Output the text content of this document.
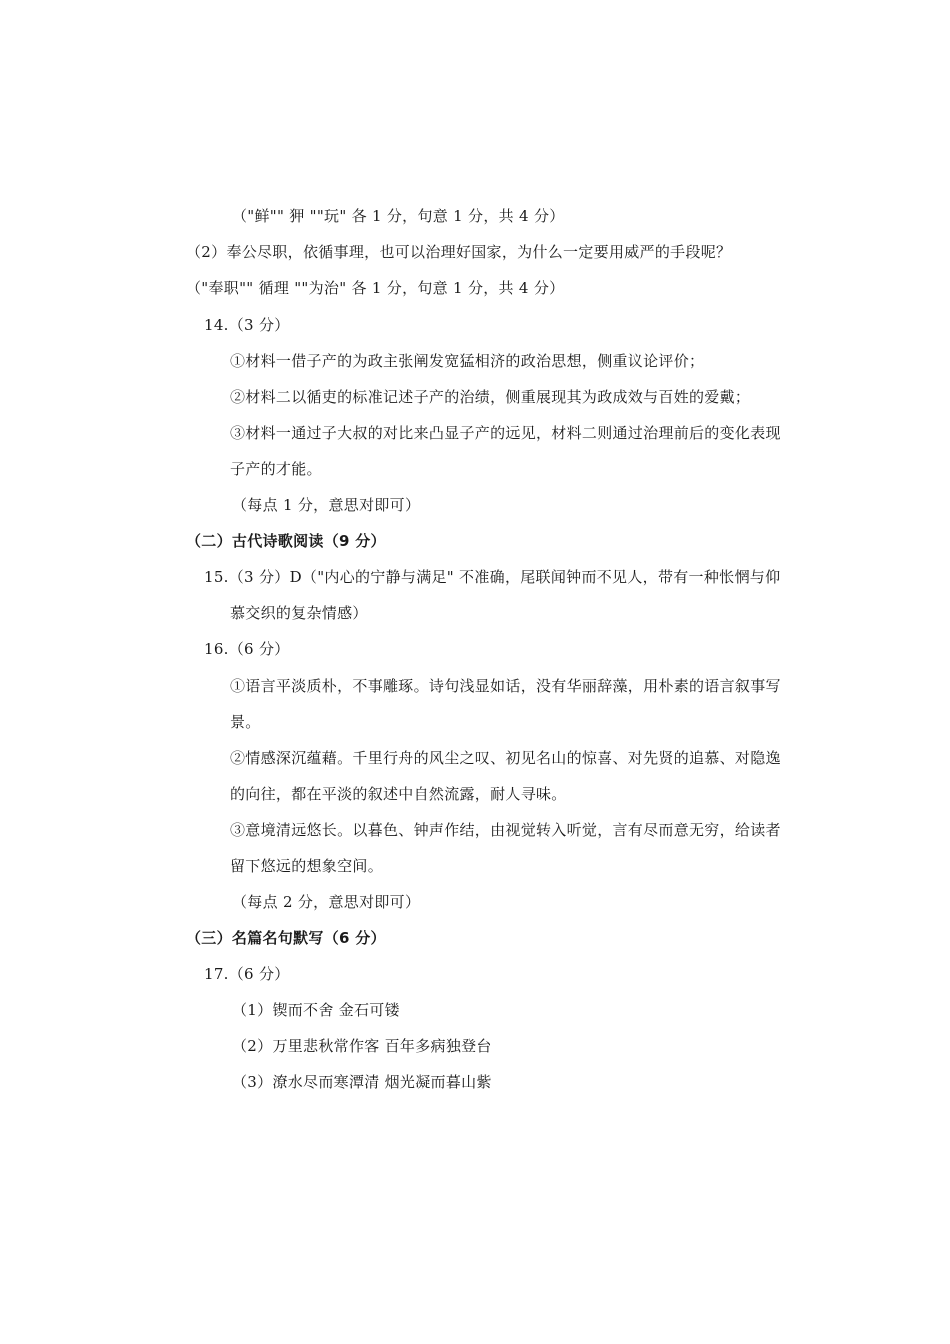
（"鲜"" 狎 ""玩" 各 1 分，句意 1 分，共 4 分）
（2）奉公尽职，依循事理，也可以治理好国家，为什么一定要用威严的手段呢？
（"奉职"" 循理 ""为治" 各 1 分，句意 1 分，共 4 分）
14.（3 分）
①材料一借子产的为政主张阐发宽猛相济的政治思想，侧重议论评价；
②材料二以循吏的标准记述子产的治绩，侧重展现其为政成效与百姓的爱戴；
③材料一通过子大叔的对比来凸显子产的远见，材料二则通过治理前后的变化表现
子产的才能。
（每点 1 分，意思对即可）
（二）古代诗歌阅读（9 分）
15.（3 分）D（"内心的宁静与满足" 不准确，尾联闻钟而不见人，带有一种怅惘与仰
慕交织的复杂情感）
16.（6 分）
①语言平淡质朴，不事雕琢。诗句浅显如话，没有华丽辞藻，用朴素的语言叙事写
景。
②情感深沉蕴藉。千里行舟的风尘之叹、初见名山的惊喜、对先贤的追慕、对隐逸
的向往，都在平淡的叙述中自然流露，耐人寻味。
③意境清远悠长。以暮色、钟声作结，由视觉转入听觉，言有尽而意无穷，给读者
留下悠远的想象空间。
（每点 2 分，意思对即可）
（三）名篇名句默写（6 分）
17.（6 分）
（1）锲而不舍 金石可镂
（2）万里悲秋常作客 百年多病独登台
（3）潦水尽而寒潭清 烟光凝而暮山紫
